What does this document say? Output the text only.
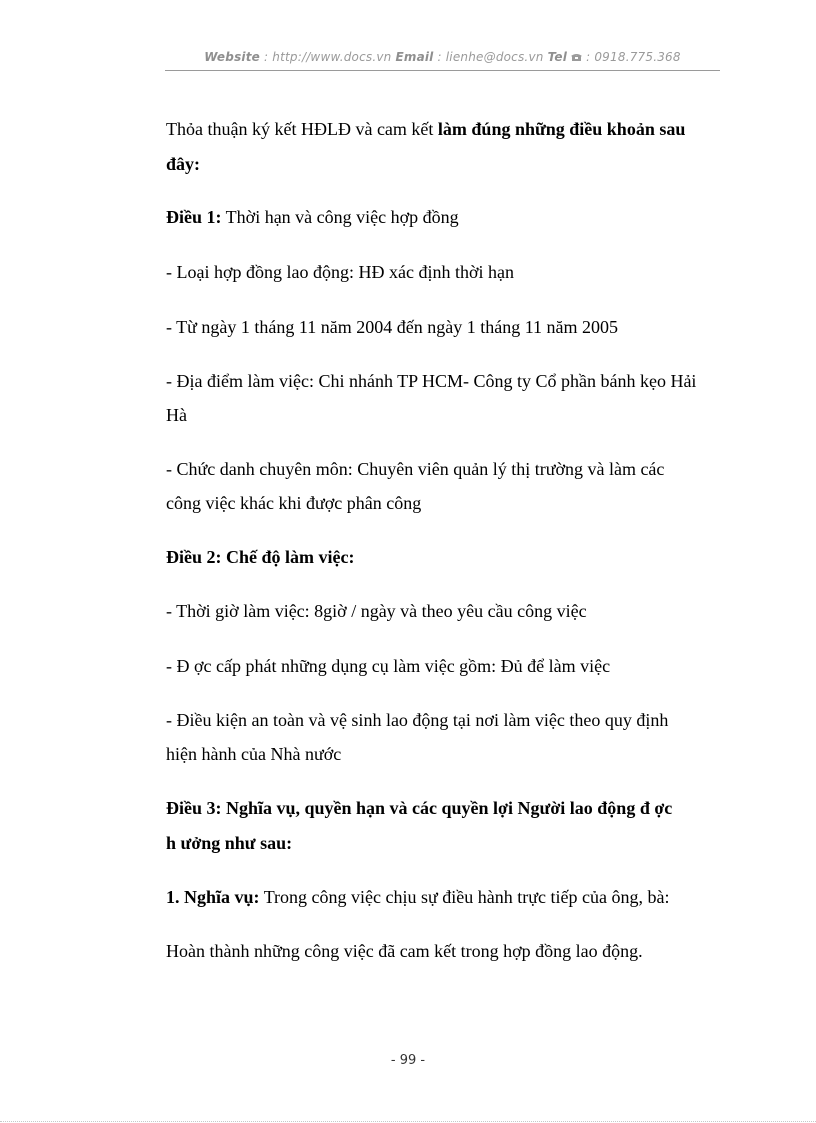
Website : http://www.docs.vn Email : lienhe@docs.vn Tel  : 0918.775.368
Thỏa thuận ký kết HĐLĐ và cam kết làm đúng những điều khoản sau
đây:
Điều 1: Thời hạn và công việc hợp đồng
- Loại hợp đồng lao động: HĐ xác định thời hạn
- Từ ngày 1 tháng 11 năm 2004 đến ngày 1 tháng 11 năm 2005
- Địa điểm làm việc: Chi nhánh TP HCM- Công ty Cổ phần bánh kẹo Hải
Hà
- Chức danh chuyên môn: Chuyên viên quản lý thị trường và làm các
công việc khác khi được phân công
Điều 2: Chế độ làm việc:
- Thời giờ làm việc: 8giờ / ngày và theo yêu cầu công việc
- Đ ợc cấp phát những dụng cụ làm việc gồm: Đủ để làm việc
- Điều kiện an toàn và vệ sinh lao động tại nơi làm việc theo quy định
hiện hành của Nhà nước
Điều 3: Nghĩa vụ, quyền hạn và các quyền lợi Người lao động đ ợc
h ưởng như sau:
1. Nghĩa vụ: Trong công việc chịu sự điều hành trực tiếp của ông, bà:
Hoàn thành những công việc đã cam kết trong hợp đồng lao động.
- 99 -
